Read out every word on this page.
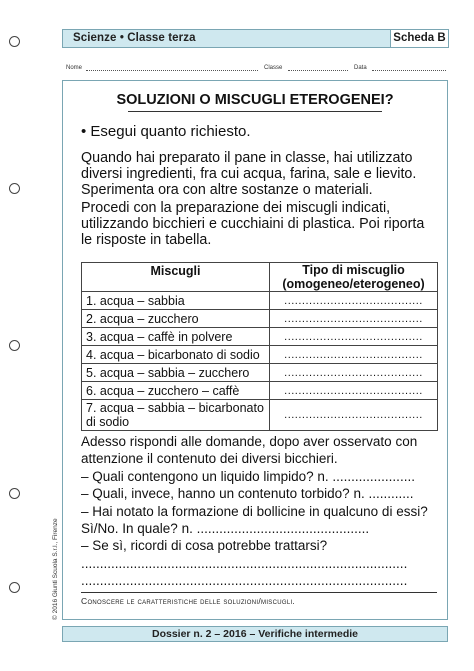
Scienze • Classe terza	Scheda B
Nome	Classe	Data
SOLUZIONI O MISCUGLI ETEROGENEI?
• Esegui quanto richiesto.

Quando hai preparato il pane in classe, hai utilizzato diversi ingredienti, fra cui acqua, farina, sale e lievito. Sperimenta ora con altre sostanze o materiali.

Procedi con la preparazione dei miscugli indicati, utilizzando bicchieri e cucchiaini di plastica. Poi riporta le risposte in tabella.

Miscugli	Tipo di miscuglio
(omogeneo/eterogeneo)

1. acqua – sabbia	.......................................
2. acqua – zucchero	.......................................
3. acqua – caffè in polvere	.......................................
4. acqua – bicarbonato di sodio	.......................................
5. acqua – sabbia – zucchero	.......................................
6. acqua – zucchero – caffè	.......................................
7. acqua – sabbia – bicarbonato di sodio	.......................................
Adesso rispondi alle domande, dopo aver osservato con
attenzione il contenuto dei diversi bicchieri.
– Quali contengono un liquido limpido? n. ......................
– Quali, invece, hanno un contenuto torbido? n. ............
– Hai notato la formazione di bollicine in qualcuno di essi?
Sì/No. In quale? n. ..............................................
– Se sì, ricordi di cosa potrebbe trattarsi?
.......................................................................................
.......................................................................................
Conoscere le caratteristiche delle soluzioni/miscugli.
Dossier n. 2 – 2016 – Verifiche intermedie
© 2016 Giunti Scuola S.r.l., Firenze
